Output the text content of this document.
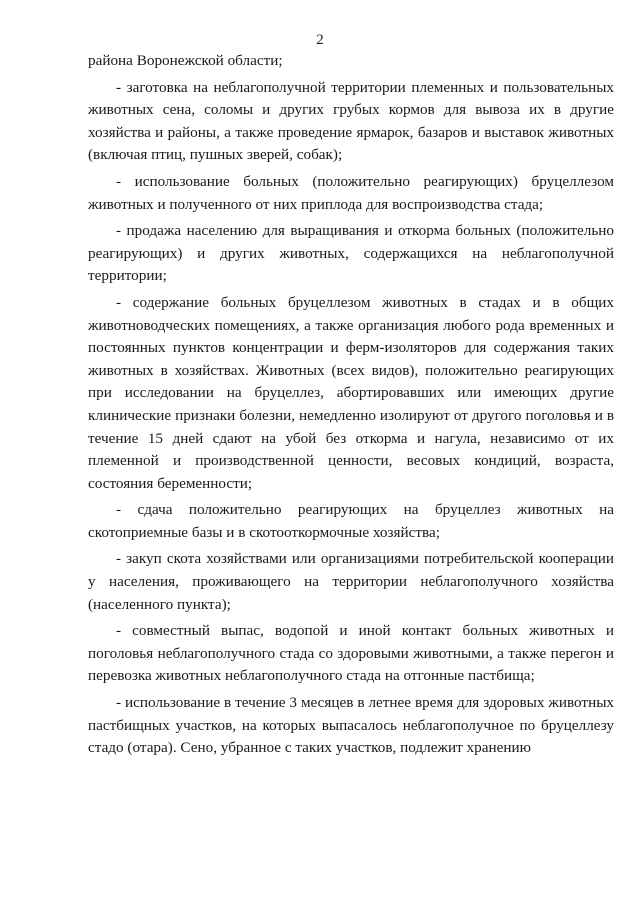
2

района Воронежской области;

- заготовка на неблагополучной территории племенных и пользовательных животных сена, соломы и других грубых кормов для вывоза их в другие хозяйства и районы, а также проведение ярмарок, базаров и выставок животных (включая птиц, пушных зверей, собак);

- использование больных (положительно реагирующих) бруцеллезом животных и полученного от них приплода для воспроизводства стада;

- продажа населению для выращивания и откорма больных (положительно реагирующих) и других животных, содержащихся на неблагополучной территории;

- содержание больных бруцеллезом животных в стадах и в общих животноводческих помещениях, а также организация любого рода временных и постоянных пунктов концентрации и ферм-изоляторов для содержания таких животных в хозяйствах. Животных (всех видов), положительно реагирующих при исследовании на бруцеллез, абортировавших или имеющих другие клинические признаки болезни, немедленно изолируют от другого поголовья и в течение 15 дней сдают на убой без откорма и нагула, независимо от их племенной и производственной ценности, весовых кондиций, возраста, состояния беременности;

- сдача положительно реагирующих на бруцеллез животных на скотоприемные базы и в скотооткормочные хозяйства;

- закуп скота хозяйствами или организациями потребительской кооперации у населения, проживающего на территории неблагополучного хозяйства (населенного пункта);

- совместный выпас, водопой и иной контакт больных животных и поголовья неблагополучного стада со здоровыми животными, а также перегон и перевозка животных неблагополучного стада на отгонные пастбища;

- использование в течение 3 месяцев в летнее время для здоровых животных пастбищных участков, на которых выпасалось неблагополучное по бруцеллезу стадо (отара). Сено, убранное с таких участков, подлежит хранению
